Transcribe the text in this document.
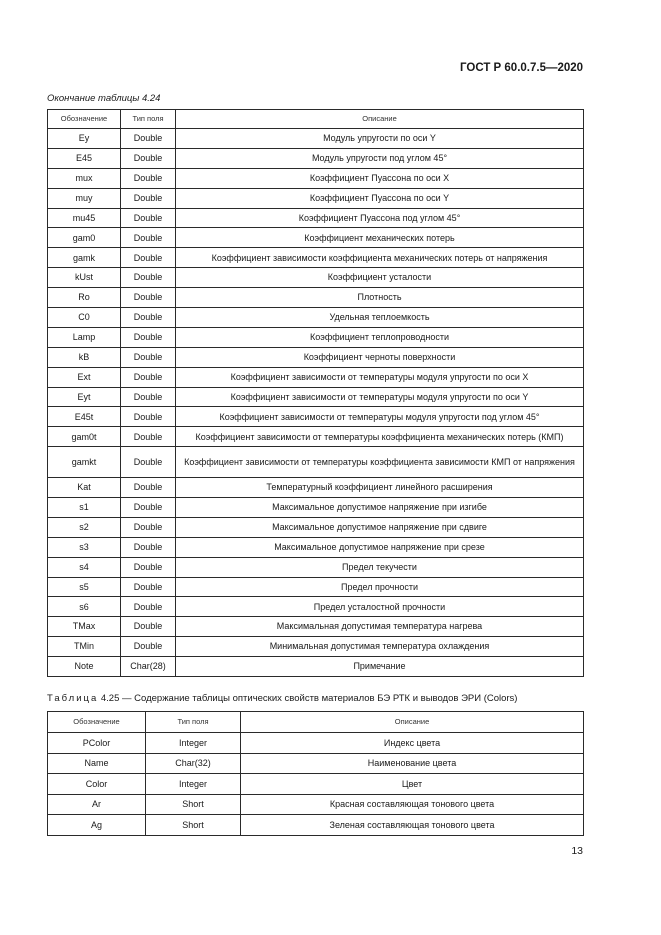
ГОСТ Р 60.0.7.5—2020
Окончание таблицы 4.24
Обозначение	Тип поля	Описание
Ey	Double	Модуль упругости по оси Y
E45	Double	Модуль упругости под углом 45°
mux	Double	Коэффициент Пуассона по оси X
muy	Double	Коэффициент Пуассона по оси Y
mu45	Double	Коэффициент Пуассона под углом 45°
gam0	Double	Коэффициент механических потерь
gamk	Double	Коэффициент зависимости коэффициента механических потерь от напряжения
kUst	Double	Коэффициент усталости
Ro	Double	Плотность
C0	Double	Удельная теплоемкость
Lamp	Double	Коэффициент теплопроводности
kB	Double	Коэффициент черноты поверхности
Ext	Double	Коэффициент зависимости от температуры модуля упругости по оси X
Eyt	Double	Коэффициент зависимости от температуры модуля упругости по оси Y
E45t	Double	Коэффициент зависимости от температуры модуля упругости под углом 45°
gam0t	Double	Коэффициент зависимости от температуры коэффициента механических потерь (КМП)
gamkt	Double	Коэффициент зависимости от температуры коэффициента зависимости КМП от напряжения
Kat	Double	Температурный коэффициент линейного расширения
s1	Double	Максимальное допустимое напряжение при изгибе
s2	Double	Максимальное допустимое напряжение при сдвиге
s3	Double	Максимальное допустимое напряжение при срезе
s4	Double	Предел текучести
s5	Double	Предел прочности
s6	Double	Предел усталостной прочности
TMax	Double	Максимальная допустимая температура нагрева
TMin	Double	Минимальная допустимая температура охлаждения
Note	Char(28)	Примечание
Таблица 4.25 — Содержание таблицы оптических свойств материалов БЭ РТК и выводов ЭРИ (Colors)
Обозначение	Тип поля	Описание
PColor	Integer	Индекс цвета
Name	Char(32)	Наименование цвета
Color	Integer	Цвет
Ar	Short	Красная составляющая тонового цвета
Ag	Short	Зеленая составляющая тонового цвета
13
